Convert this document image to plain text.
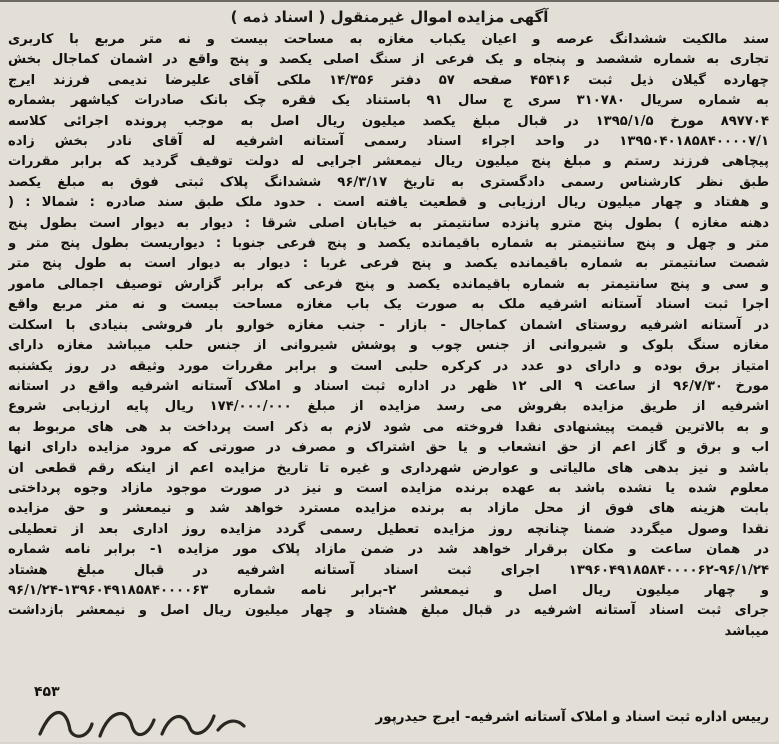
آگهی مزایده اموال غیرمنقول ( اسناد ذمه )
سند مالکیت ششدانگ عرصه و اعیان یکباب مغازه به مساحت بیست و نه متر مربع با کاربری
تجاری به شماره ششصد و پنجاه و یک فرعی از سنگ اصلی یکصد و پنج واقع در اشمان کماجال بخش
چهارده گیلان ذیل ثبت ۴۵۴۱۶ صفحه ۵۷ دفتر ۱۴/۳۵۶ ملکی آقای علیرضا ندیمی فرزند ایرج
به شماره سریال ۳۱۰۷۸۰ سری ج سال ۹۱ باستناد یک فقره چک بانک صادرات کیاشهر بشماره
۸۹۷۷۰۴ مورخ ۱۳۹۵/۱/۵ در قبال مبلغ یکصد میلیون ریال اصل به موجب پرونده اجرائی کلاسه
۱۳۹۵۰۴۰۱۸۵۸۴۰۰۰۰۷/۱ در واحد اجراء اسناد رسمی آستانه اشرفیه له آقای نادر بخش زاده
پیچاهی فرزند رستم و مبلغ پنج میلیون ریال نیمعشر اجرایی له دولت توقیف گردید که برابر مقررات
طبق نظر کارشناس رسمی دادگستری به تاریخ ۹۶/۳/۱۷ ششدانگ پلاک ثبتی فوق به مبلغ یکصد
و هفتاد و چهار میلیون ریال ارزیابی و قطعیت یافته است . حدود ملک طبق سند صادره : شمالا : (
دهنه مغازه ) بطول پنج مترو پانزده سانتیمتر به خیابان اصلی شرقا : دیوار به دیوار است بطول پنج
متر و چهل و پنج سانتیمتر به شماره باقیمانده یکصد و پنج فرعی جنوبا : دیواریست بطول پنج متر و
شصت سانتیمتر به شماره باقیمانده یکصد و پنج فرعی غربا : دیوار به دیوار است به طول پنج متر
و سی و پنج سانتیمتر به شماره باقیمانده یکصد و پنج فرعی که برابر گزارش توصیف اجمالی مامور
اجرا ثبت اسناد آستانه اشرفیه ملک به صورت یک باب مغازه مساحت بیست و نه متر مربع واقع
در آستانه اشرفیه روستای اشمان کماجال - بازار - جنب مغازه خوارو بار فروشی بنیادی با اسکلت
مغازه سنگ بلوک و شیروانی از جنس چوب و پوشش شیروانی از جنس حلب میباشد مغازه دارای
امتیاز برق بوده و دارای دو عدد در کرکره حلبی است و برابر مقررات مورد وثیقه در روز یکشنبه
مورخ ۹۶/۷/۳۰ از ساعت ۹ الی ۱۲ ظهر در اداره ثبت اسناد و املاک آستانه اشرفیه واقع در استانه
اشرفیه از طریق مزایده بفروش می رسد مزایده از مبلغ ۱۷۴/۰۰۰/۰۰۰ ریال پایه ارزیابی شروع
و به بالاترین قیمت پیشنهادی نقدا فروخته می شود لازم به ذکر است پرداخت بد هی های مربوط به
اب و برق و گاز اعم از حق انشعاب و یا حق اشتراک و مصرف در صورتی که مرود مزایده دارای انها
باشد و نیز بدهی های مالیاتی و عوارض شهرداری و غیره تا تاریخ مزایده اعم از اینکه رقم قطعی ان
معلوم شده یا نشده باشد به عهده برنده مزایده است و نیز در صورت موجود مازاد وجوه پرداختی
بابت هزینه های فوق از محل مازاد به برنده مزایده مسترد خواهد شد و نیمعشر و حق مزایده
نقدا وصول میگردد ضمنا چنانچه روز مزایده تعطیل رسمی گردد مزایده روز اداری بعد از تعطیلی
در همان ساعت و مکان برقرار خواهد شد در ضمن مازاد پلاک مور مزایده ۱- برابر نامه شماره
۱۳۹۶۰۴۹۱۸۵۸۴۰۰۰۰۶۲-۹۶/۱/۲۴ اجرای ثبت اسناد آستانه اشرفیه در قبال مبلغ هشتاد
و چهار میلیون ریال اصل و نیمعشر ۲-برابر نامه شماره ۱۳۹۶۰۴۹۱۸۵۸۴۰۰۰۰۶۳-۹۶/۱/۲۴
جرای ثبت اسناد آستانه اشرفیه در قبال مبلغ هشتاد و چهار میلیون ریال اصل و نیمعشر بازداشت
میباشد
۴۵۳
رییس اداره ثبت اسناد و املاک آستانه اشرفیه- ایرج حیدرپور
